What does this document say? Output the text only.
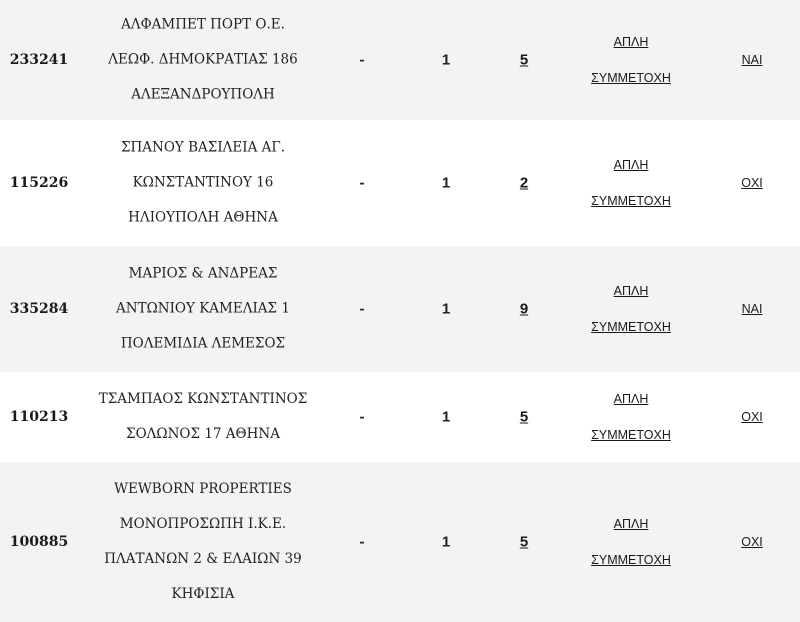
233241
ΑΛΦΑΜΠΕΤ ΠΟΡΤ Ο.Ε.
ΛΕΩΦ. ΔΗΜΟΚΡΑΤΙΑΣ 186
ΑΛΕΞΑΝΔΡΟΥΠΟΛΗ
-	1	5
ΑΠΛΗ
ΣΥΜΜΕΤΟΧΗ
ΝΑΙ
115226
ΣΠΑΝΟΥ ΒΑΣΙΛΕΙΑ ΑΓ.
ΚΩΝΣΤΑΝΤΙΝΟΥ 16
ΗΛΙΟΥΠΟΛΗ ΑΘΗΝΑ
-	1	2
ΑΠΛΗ
ΣΥΜΜΕΤΟΧΗ
ΟΧΙ
335284
ΜΑΡΙΟΣ & ΑΝΔΡΕΑΣ
ΑΝΤΩΝΙΟΥ ΚΑΜΕΛΙΑΣ 1
ΠΟΛΕΜΙΔΙΑ ΛΕΜΕΣΟΣ
-	1	9
ΑΠΛΗ
ΣΥΜΜΕΤΟΧΗ
ΝΑΙ
110213
ΤΣΑΜΠΑΟΣ ΚΩΝΣΤΑΝΤΙΝΟΣ
ΣΟΛΩΝΟΣ 17 ΑΘΗΝΑ
-	1	5
ΑΠΛΗ
ΣΥΜΜΕΤΟΧΗ
ΟΧΙ
100885
WEWBORN PROPERTIES
ΜΟΝΟΠΡΟΣΩΠΗ Ι.Κ.Ε.
ΠΛΑΤΑΝΩΝ 2 & ΕΛΑΙΩΝ 39
ΚΗΦΙΣΙΑ
-	1	5
ΑΠΛΗ
ΣΥΜΜΕΤΟΧΗ
ΟΧΙ
